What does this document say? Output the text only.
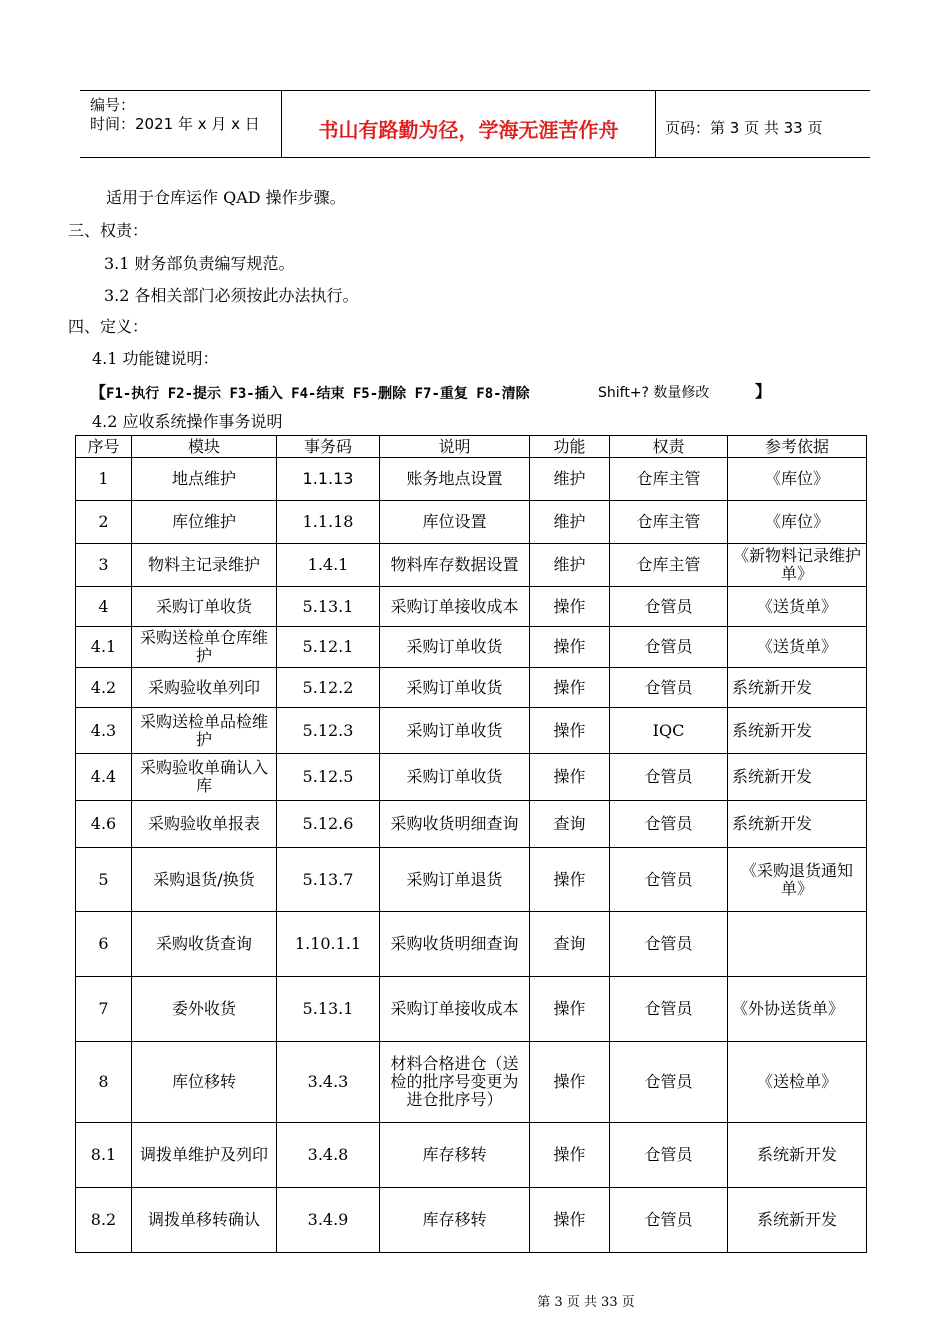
编号：
时间：2021 年 x 月 x 日	书山有路勤为径，学海无涯苦作舟	页码：第 3 页 共 33 页
适用于仓库运作 QAD 操作步骤。
三、权责：
3.1 财务部负责编写规范。
3.2 各相关部门必须按此办法执行。
四、定义：
4.1 功能键说明：
【F1-执行 F2-提示 F3-插入 F4-结束 F5-删除 F7-重复 F8-清除	Shift+? 数量修改	】
4.2 应收系统操作事务说明
序号	模块	事务码	说明	功能	权责	参考依据
1	地点维护	1.1.13	账务地点设置	维护	仓库主管	《库位》
2	库位维护	1.1.18	库位设置	维护	仓库主管	《库位》
3	物料主记录维护	1.4.1	物料库存数据设置	维护	仓库主管	《新物料记录维护单》
4	采购订单收货	5.13.1	采购订单接收成本	操作	仓管员	《送货单》
4.1	采购送检单仓库维护	5.12.1	采购订单收货	操作	仓管员	《送货单》
4.2	采购验收单列印	5.12.2	采购订单收货	操作	仓管员	系统新开发
4.3	采购送检单品检维护	5.12.3	采购订单收货	操作	IQC	系统新开发
4.4	采购验收单确认入库	5.12.5	采购订单收货	操作	仓管员	系统新开发
4.6	采购验收单报表	5.12.6	采购收货明细查询	查询	仓管员	系统新开发
5	采购退货/换货	5.13.7	采购订单退货	操作	仓管员	《采购退货通知单》
6	采购收货查询	1.10.1.1	采购收货明细查询	查询	仓管员	
7	委外收货	5.13.1	采购订单接收成本	操作	仓管员	《外协送货单》
8	库位移转	3.4.3	材料合格进仓（送检的批序号变更为进仓批序号）	操作	仓管员	《送检单》
8.1	调拨单维护及列印	3.4.8	库存移转	操作	仓管员	系统新开发
8.2	调拨单移转确认	3.4.9	库存移转	操作	仓管员	系统新开发
第 3 页 共 33 页
